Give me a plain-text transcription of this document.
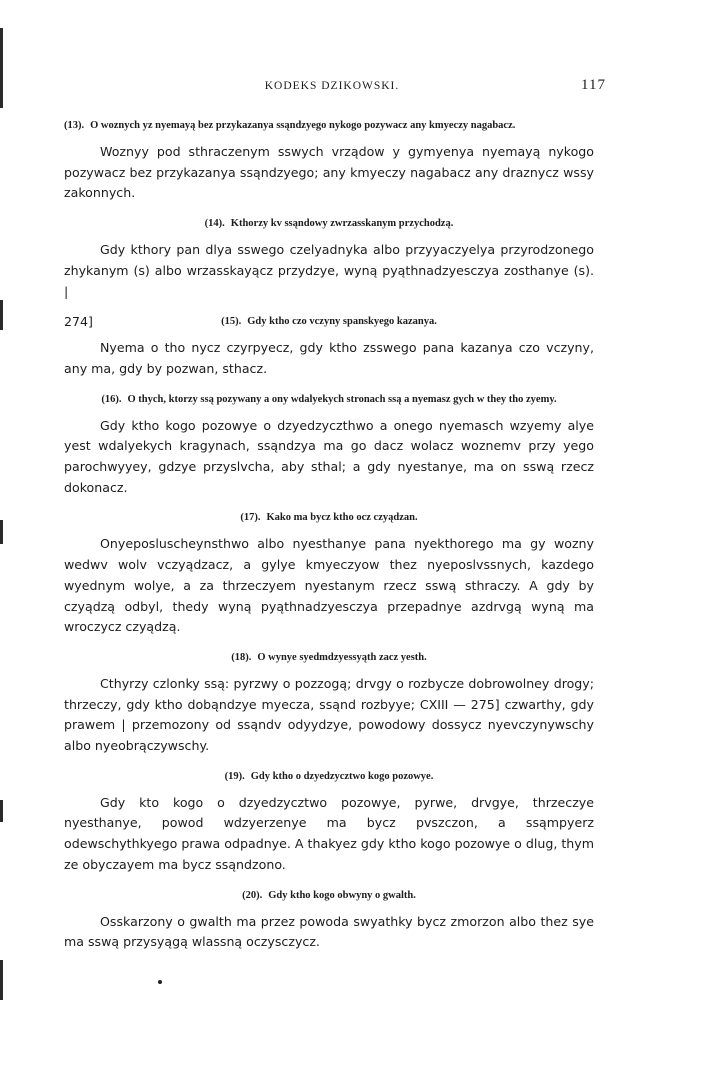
KODEKS DZIKOWSKI.	117
(13). O woznych yz nyemayą bez przykazanya ssąndzyego nykogo pozywacz any kmyeczy nagabacz.

Woznyy pod sthraczenym sswych vrządow y gymyenya nyemayą nykogo pozywacz bez przykazanya ssąndzyego; any kmyeczy nagabacz any draznycz wssy zakonnych.

(14). Kthorzy kv ssąndowy zwrzasskanym przychodzą.

Gdy kthory pan dlya sswego czelyadnyka albo przyyaczyelya przyrodzonego zhykanym (s) albo wrzasskayącz przydzye, wyną pyąthnadzyesczya zosthanye (s). |

274]	(15). Gdy ktho czo vczyny spanskyego kazanya.

Nyema o tho nycz czyrpyecz, gdy ktho zsswego pana kazanya czo vczyny, any ma, gdy by pozwan, sthacz.

(16). O thych, ktorzy ssą pozywany a ony wdalyekych stronach ssą a nyemasz gych w they tho zyemy.

Gdy ktho kogo pozowye o dzyedzyczthwo a onego nyemasch wzyemy alye yest wdalyekych kragynach, ssąndzya ma go dacz wolacz woznemv przy yego parochwyyey, gdzye przyslvcha, aby sthal; a gdy nyestanye, ma on sswą rzecz dokonacz.

(17). Kako ma bycz ktho ocz czyądzan.

Onyeposluscheynsthwo albo nyesthanye pana nyekthorego ma gy wozny wedwv wolv vczyądzacz, a gylye kmyeczyow thez nyeposlvssnych, kazdego wyednym wolye, a za thrzeczyem nyestanym rzecz sswą sthraczy. A gdy by czyądzą odbyl, thedy wyną pyąthnadzyesczya przepadnye azdrvgą wyną ma wroczycz czyądzą.

(18). O wynye syedmdzyessyąth zacz yesth.

Cthyrzy czlonky ssą: pyrzwy o pozzogą; drvgy o rozbycze dobrowolney drogy; thrzeczy, gdy ktho dobąndzye myecza, ssąnd rozbyye; CXIII — 275] czwarthy, gdy prawem | przemozony od ssąndv odyydzye, powodowy dossycz nyevczynywschy albo nyeobrączywschy.

(19). Gdy ktho o dzyedzycztwo kogo pozowye.

Gdy kto kogo o dzyedzycztwo pozowye, pyrwe, drvgye, thrzeczye nyesthanye, powod wdzyerzenye ma bycz pvszczon, a ssąmpyerz odewschythkyego prawa odpadnye. A thakyez gdy ktho kogo pozowye o dlug, thym ze obyczayem ma bycz ssąndzono.

(20). Gdy ktho kogo obwyny o gwalth.

Osskarzony o gwalth ma przez powoda swyathky bycz zmorzon albo thez sye ma sswą przysyągą wlassną oczysczycz.
